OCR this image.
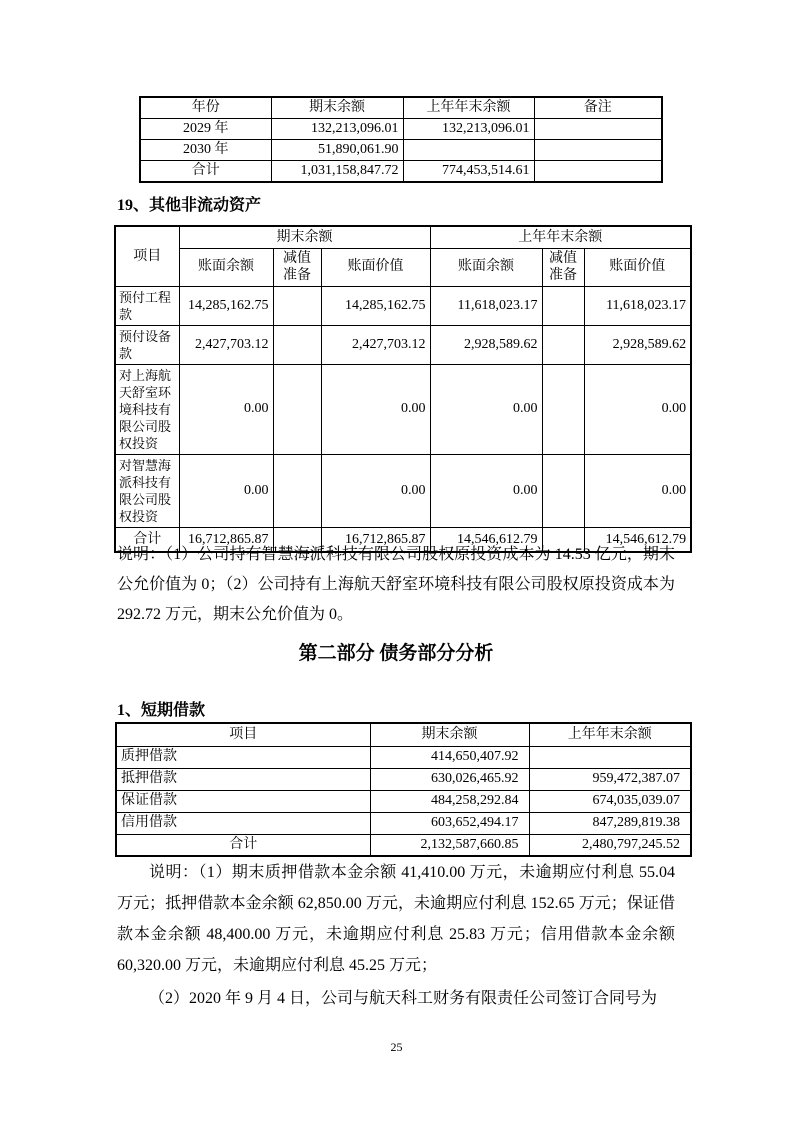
年份	期末余额	上年年末余额	备注
2029 年	132,213,096.01	132,213,096.01	
2030 年	51,890,061.90		
合计	1,031,158,847.72	774,453,514.61	
19、其他非流动资产
项目	期末余额			上年年末余额		
	账面余额	减值准备	账面价值	账面余额	减值准备	账面价值
预付工程款	14,285,162.75		14,285,162.75	11,618,023.17		11,618,023.17
预付设备款	2,427,703.12		2,427,703.12	2,928,589.62		2,928,589.62
对上海航天舒室环境科技有限公司股权投资	0.00		0.00	0.00		0.00
对智慧海派科技有限公司股权投资	0.00		0.00	0.00		0.00
合计	16,712,865.87		16,712,865.87	14,546,612.79		14,546,612.79
说明：（1）公司持有智慧海派科技有限公司股权原投资成本为 14.53 亿元，期末
公允价值为 0；（2）公司持有上海航天舒室环境科技有限公司股权原投资成本为
292.72 万元，期末公允价值为 0。
第二部分 债务部分分析
1、短期借款
项目	期末余额	上年年末余额
质押借款	414,650,407.92	
抵押借款	630,026,465.92	959,472,387.07
保证借款	484,258,292.84	674,035,039.07
信用借款	603,652,494.17	847,289,819.38
合计	2,132,587,660.85	2,480,797,245.52
说明：（1）期末质押借款本金余额 41,410.00 万元，未逾期应付利息 55.04
万元；抵押借款本金余额 62,850.00 万元，未逾期应付利息 152.65 万元；保证借
款本金余额 48,400.00 万元，未逾期应付利息 25.83 万元；信用借款本金余额
60,320.00 万元，未逾期应付利息 45.25 万元；
（2）2020 年 9 月 4 日，公司与航天科工财务有限责任公司签订合同号为
25
